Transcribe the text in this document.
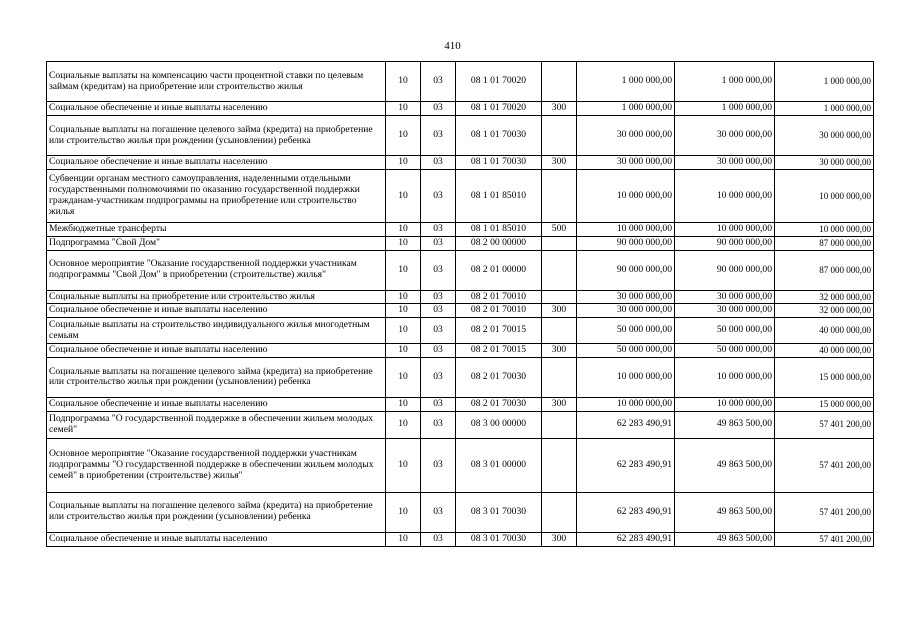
410
Социальные выплаты на компенсацию части процентной ставки по целевым займам (кредитам) на приобретение или строительство жилья	10	03	08 1 01 70020		1 000 000,00	1 000 000,00	1 000 000,00
Социальное обеспечение и иные выплаты населению	10	03	08 1 01 70020	300	1 000 000,00	1 000 000,00	1 000 000,00
Социальные выплаты на погашение целевого займа (кредита) на приобретение или строительство жилья при рождении (усыновлении) ребенка	10	03	08 1 01 70030		30 000 000,00	30 000 000,00	30 000 000,00
Социальное обеспечение и иные выплаты населению	10	03	08 1 01 70030	300	30 000 000,00	30 000 000,00	30 000 000,00
Субвенции органам местного самоуправления, наделенными отдельными государственными полномочиями по оказанию государственной поддержки гражданам-участникам подпрограммы на приобретение или строительство жилья	10	03	08 1 01 85010		10 000 000,00	10 000 000,00	10 000 000,00
Межбюджетные трансферты	10	03	08 1 01 85010	500	10 000 000,00	10 000 000,00	10 000 000,00
Подпрограмма "Свой Дом"	10	03	08 2 00 00000		90 000 000,00	90 000 000,00	87 000 000,00
Основное мероприятие "Оказание государственной поддержки участникам подпрограммы "Свой Дом" в приобретении (строительстве) жилья"	10	03	08 2 01 00000		90 000 000,00	90 000 000,00	87 000 000,00
Социальные выплаты на приобретение или строительство жилья	10	03	08 2 01 70010		30 000 000,00	30 000 000,00	32 000 000,00
Социальное обеспечение и иные выплаты населению	10	03	08 2 01 70010	300	30 000 000,00	30 000 000,00	32 000 000,00
Социальные выплаты на строительство индивидуального жилья многодетным семьям	10	03	08 2 01 70015		50 000 000,00	50 000 000,00	40 000 000,00
Социальное обеспечение и иные выплаты населению	10	03	08 2 01 70015	300	50 000 000,00	50 000 000,00	40 000 000,00
Социальные выплаты на погашение целевого займа (кредита) на приобретение или строительство жилья при рождении (усыновлении) ребенка	10	03	08 2 01 70030		10 000 000,00	10 000 000,00	15 000 000,00
Социальное обеспечение и иные выплаты населению	10	03	08 2 01 70030	300	10 000 000,00	10 000 000,00	15 000 000,00
Подпрограмма "О государственной поддержке в обеспечении жильем молодых семей"	10	03	08 3 00 00000		62 283 490,91	49 863 500,00	57 401 200,00
Основное мероприятие "Оказание государственной поддержки участникам подпрограммы "О государственной поддержке в обеспечении жильем молодых семей" в приобретении (строительстве) жилья"	10	03	08 3 01 00000		62 283 490,91	49 863 500,00	57 401 200,00
Социальные выплаты на погашение целевого займа (кредита) на приобретение или строительство жилья при рождении (усыновлении) ребенка	10	03	08 3 01 70030		62 283 490,91	49 863 500,00	57 401 200,00
Социальное обеспечение и иные выплаты населению	10	03	08 3 01 70030	300	62 283 490,91	49 863 500,00	57 401 200,00
